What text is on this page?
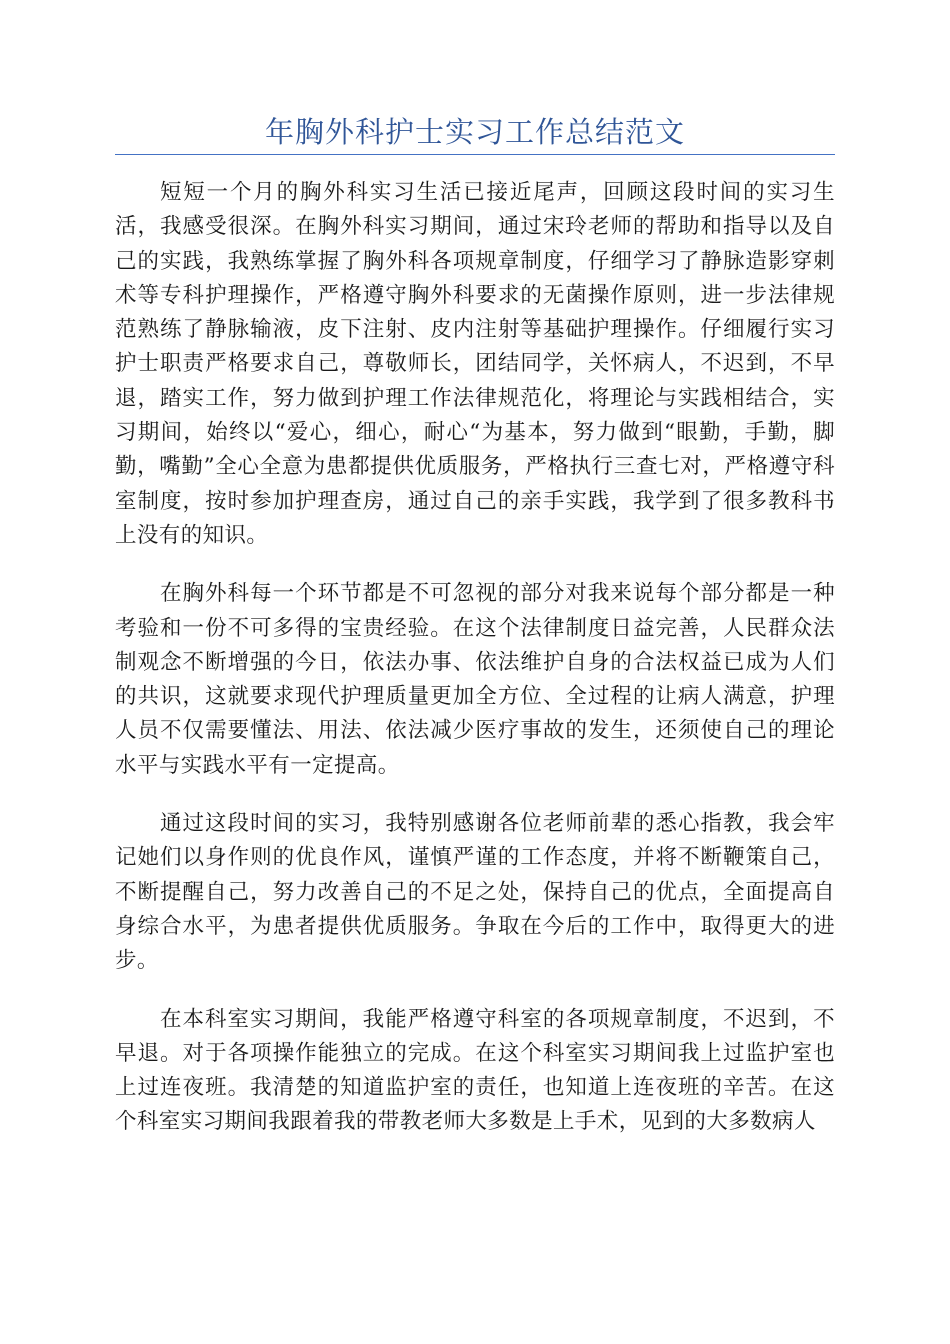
年胸外科护士实习工作总结范文

短短一个月的胸外科实习生活已接近尾声，回顾这段时间的实习生活，我感受很深。在胸外科实习期间，通过宋玲老师的帮助和指导以及自己的实践，我熟练掌握了胸外科各项规章制度，仔细学习了静脉造影穿刺术等专科护理操作，严格遵守胸外科要求的无菌操作原则，进一步法律规范熟练了静脉输液，皮下注射、皮内注射等基础护理操作。仔细履行实习护士职责严格要求自己，尊敬师长，团结同学，关怀病人，不迟到，不早退，踏实工作，努力做到护理工作法律规范化，将理论与实践相结合，实习期间，始终以“爱心，细心，耐心“为基本，努力做到“眼勤，手勤，脚勤，嘴勤”全心全意为患都提供优质服务，严格执行三查七对，严格遵守科室制度，按时参加护理查房，通过自己的亲手实践，我学到了很多教科书上没有的知识。

在胸外科每一个环节都是不可忽视的部分对我来说每个部分都是一种考验和一份不可多得的宝贵经验。在这个法律制度日益完善，人民群众法制观念不断增强的今日，依法办事、依法维护自身的合法权益已成为人们的共识，这就要求现代护理质量更加全方位、全过程的让病人满意，护理人员不仅需要懂法、用法、依法减少医疗事故的发生，还须使自己的理论水平与实践水平有一定提高。

通过这段时间的实习，我特别感谢各位老师前辈的悉心指教，我会牢记她们以身作则的优良作风，谨慎严谨的工作态度，并将不断鞭策自己，不断提醒自己，努力改善自己的不足之处，保持自己的优点，全面提高自身综合水平，为患者提供优质服务。争取在今后的工作中，取得更大的进步。

在本科室实习期间，我能严格遵守科室的各项规章制度，不迟到，不早退。对于各项操作能独立的完成。在这个科室实习期间我上过监护室也上过连夜班。我清楚的知道监护室的责任，也知道上连夜班的辛苦。在这个科室实习期间我跟着我的带教老师大多数是上手术，见到的大多数病人
